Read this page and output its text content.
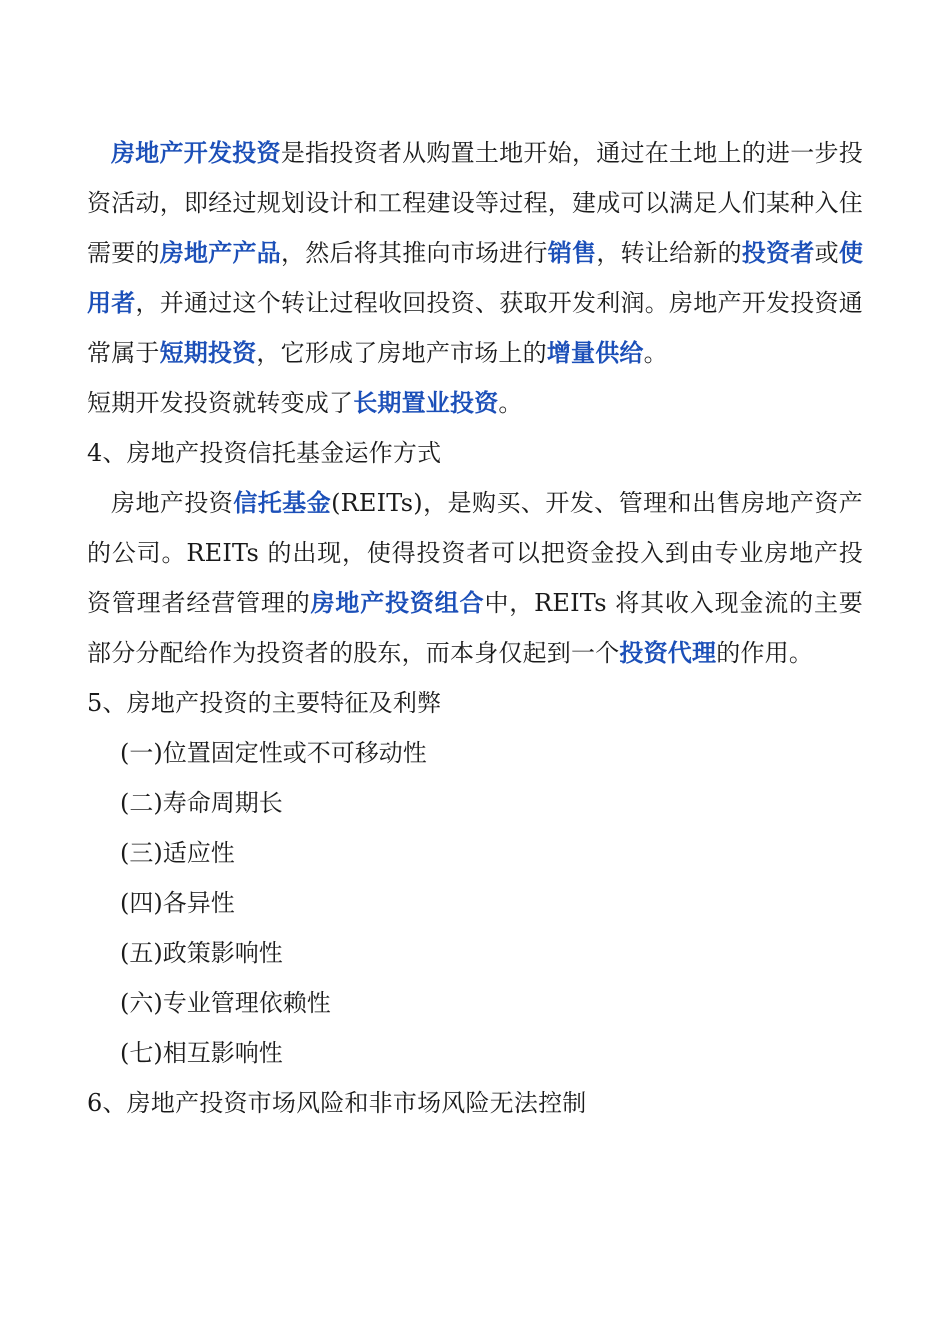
房地产开发投资是指投资者从购置土地开始，通过在土地上的进一步投资活动，即经过规划设计和工程建设等过程，建成可以满足人们某种入住需要的房地产产品，然后将其推向市场进行销售，转让给新的投资者或使用者，并通过这个转让过程收回投资、获取开发利润。房地产开发投资通常属于短期投资，它形成了房地产市场上的增量供给。

短期开发投资就转变成了长期置业投资。

4、房地产投资信托基金运作方式

房地产投资信托基金(REITs)，是购买、开发、管理和出售房地产资产的公司。REITs 的出现，使得投资者可以把资金投入到由专业房地产投资管理者经营管理的房地产投资组合中，REITs 将其收入现金流的主要部分分配给作为投资者的股东，而本身仅起到一个投资代理的作用。

5、房地产投资的主要特征及利弊

(一)位置固定性或不可移动性

(二)寿命周期长

(三)适应性

(四)各异性

(五)政策影响性

(六)专业管理依赖性

(七)相互影响性

6、房地产投资市场风险和非市场风险无法控制
